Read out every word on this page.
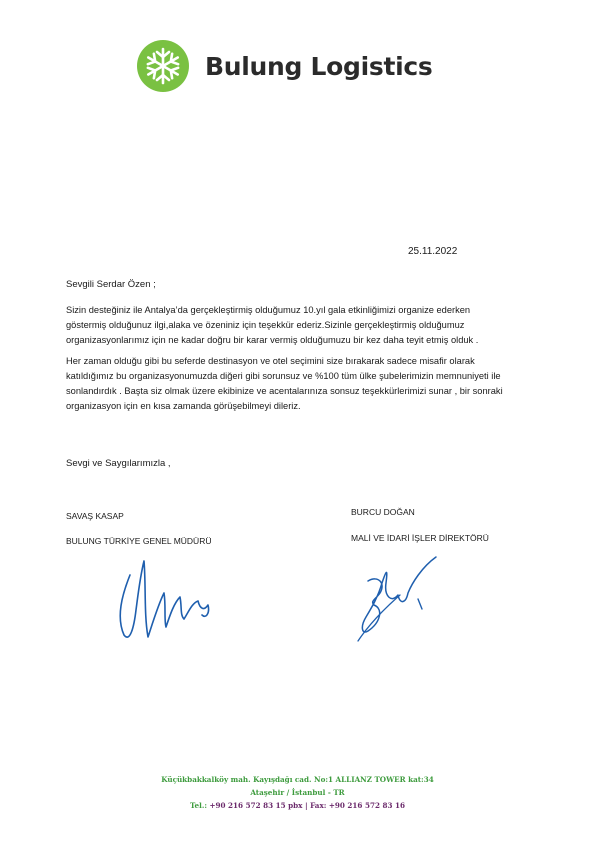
Bulung Logistics
25.11.2022
Sevgili Serdar Özen ;
Sizin desteğiniz ile Antalya’da gerçekleştirmiş olduğumuz 10.yıl gala etkinliğimizi organize ederken göstermiş olduğunuz ilgi,alaka ve özeniniz için teşekkür ederiz.Sizinle gerçekleştirmiş olduğumuz organizasyonlarımız için ne kadar doğru bir karar vermiş olduğumuzu bir kez daha teyit etmiş olduk .
Her zaman olduğu gibi bu seferde destinasyon ve otel seçimini size bırakarak sadece misafir olarak katıldığımız bu organizasyonumuzda diğeri gibi sorunsuz ve %100 tüm ülke şubelerimizin memnuniyeti ile sonlandırdık . Başta siz olmak üzere ekibinize ve acentalarınıza sonsuz teşekkürlerimizi sunar , bir sonraki organizasyon için en kısa zamanda görüşebilmeyi dileriz.
Sevgi ve Saygılarımızla ,
SAVAŞ KASAP
BULUNG TÜRKİYE GENEL MÜDÜRÜ
BURCU DOĞAN
MALİ VE İDARİ İŞLER DİREKTÖRÜ
Küçükbakkalköy mah. Kayışdağı cad. No:1 ALLIANZ TOWER kat:34
Ataşehir / İstanbul - TR
Tel.: +90 216 572 83 15 pbx | Fax: +90 216 572 83 16
